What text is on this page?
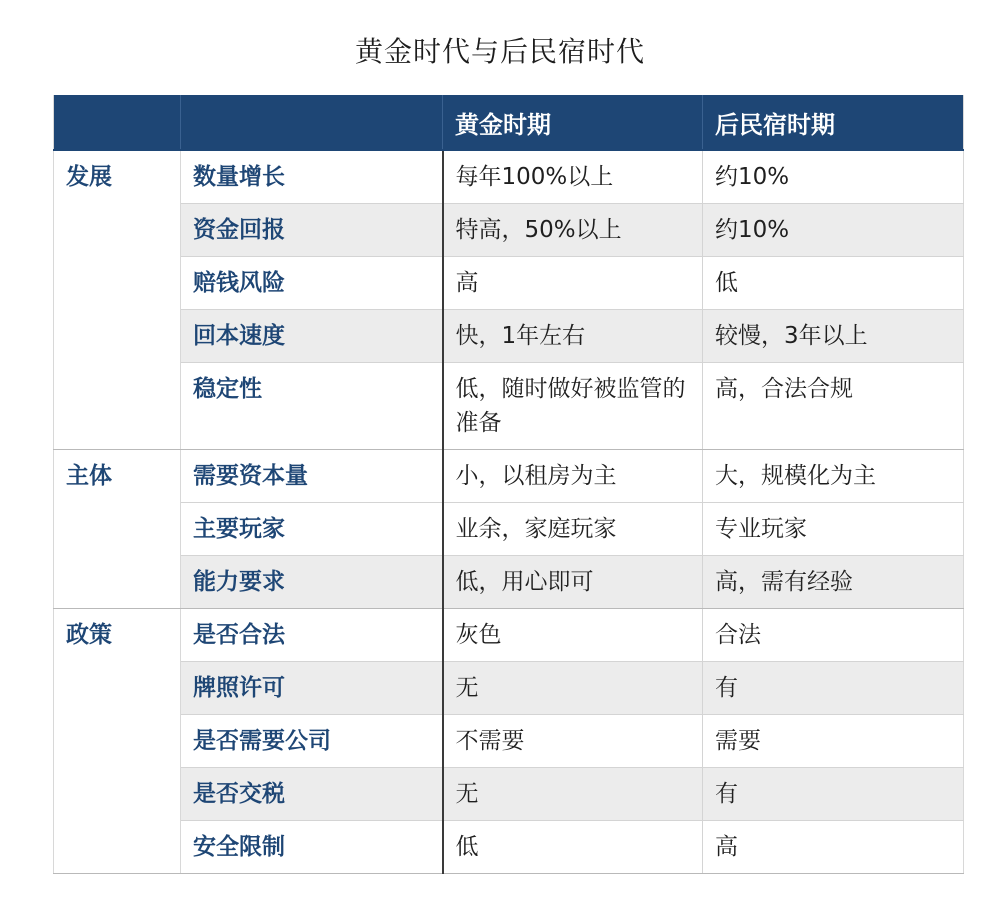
黄金时代与后民宿时代
		黄金时期	后民宿时期
发展	数量增长	每年100%以上	约10%
	资金回报	特高，50%以上	约10%
	赔钱风险	高	低
	回本速度	快，1年左右	较慢，3年以上
	稳定性	低，随时做好被监管的准备	高，合法合规
主体	需要资本量	小，以租房为主	大，规模化为主
	主要玩家	业余，家庭玩家	专业玩家
	能力要求	低，用心即可	高，需有经验
政策	是否合法	灰色	合法
	牌照许可	无	有
	是否需要公司	不需要	需要
	是否交税	无	有
	安全限制	低	高
